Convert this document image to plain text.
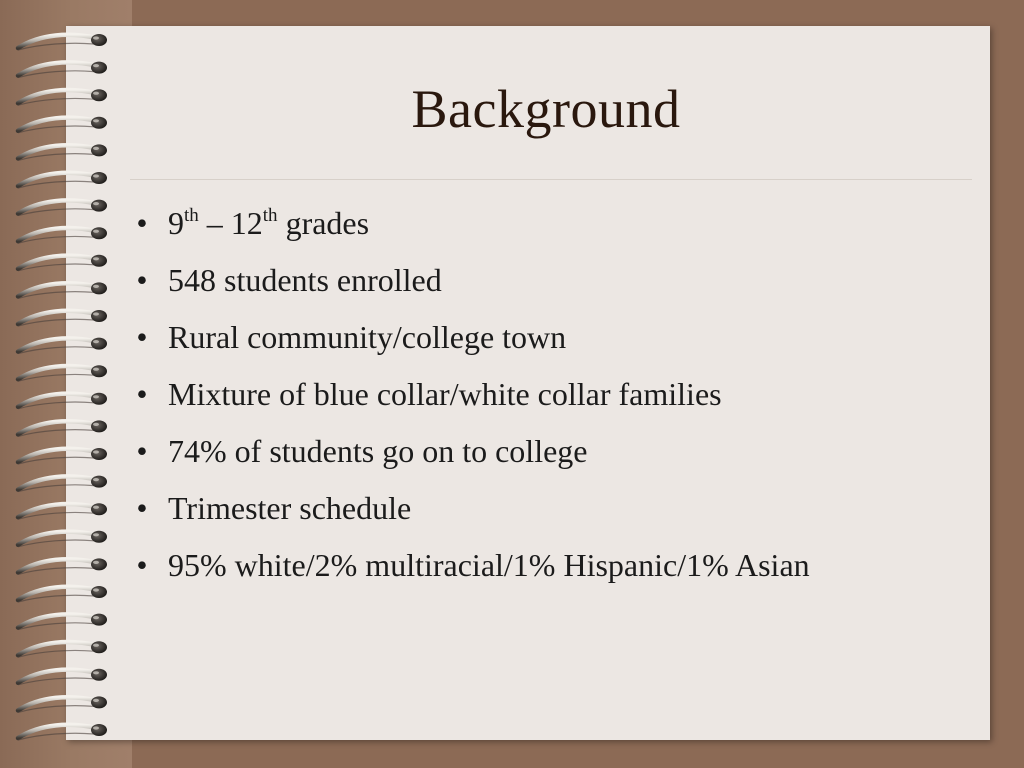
Background
• 9th – 12th grades
• 548 students enrolled
• Rural community/college town
• Mixture of blue collar/white collar families
• 74% of students go on to college
• Trimester schedule
• 95% white/2% multiracial/1% Hispanic/1% Asian
